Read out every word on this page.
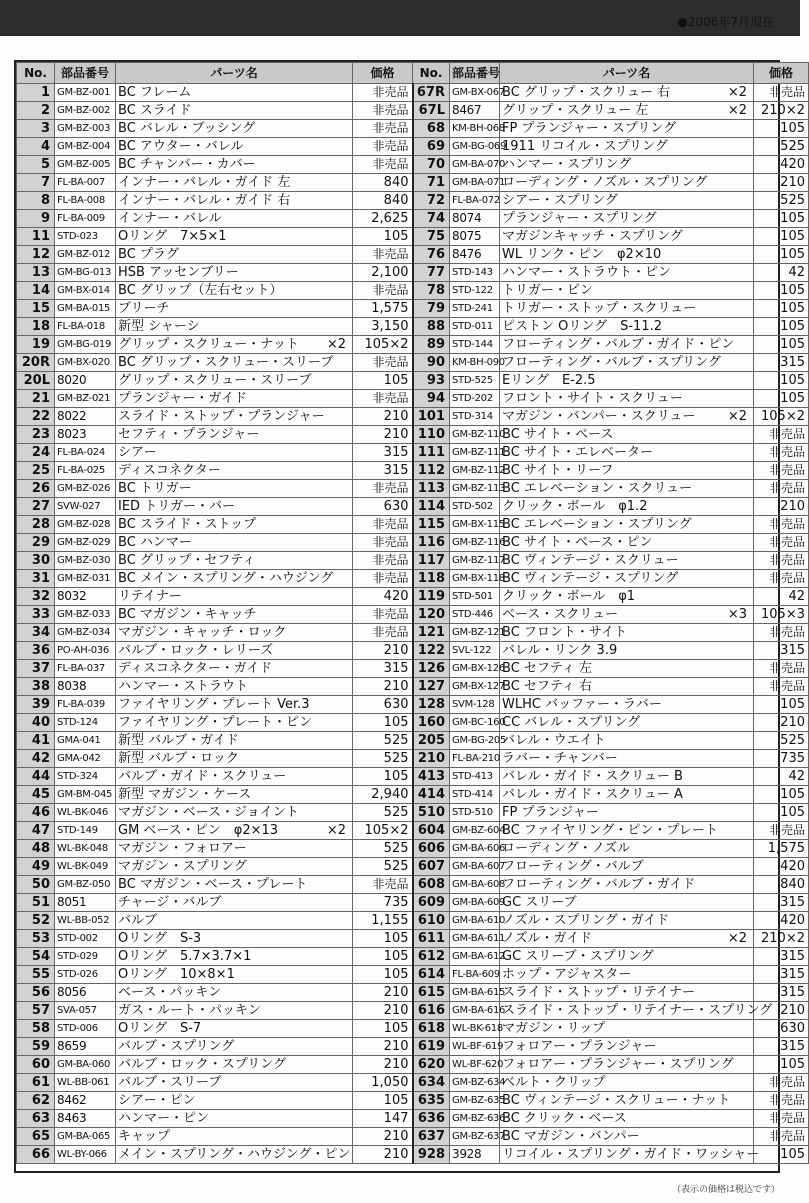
●2006年7月現在
No.	部品番号	パーツ名	価格	No.	部品番号	パーツ名	価格
1	GM-BZ-001	BC フレーム	非売品	67R	GM-BX-067	BC グリップ・スクリュー 右 ×2	非売品
2	GM-BZ-002	BC スライド	非売品	67L	8467	グリップ・スクリュー 左 ×2	210×2
3	GM-BZ-003	BC バレル・ブッシング	非売品	68	KM-BH-068	FP プランジャー・スプリング	105
4	GM-BZ-004	BC アウター・バレル	非売品	69	GM-BG-069	1911 リコイル・スプリング	525
5	GM-BZ-005	BC チャンバー・カバー	非売品	70	GM-BA-070	ハンマー・スプリング	420
7	FL-BA-007	インナー・バレル・ガイド 左	840	71	GM-BA-071	ローディング・ノズル・スプリング	210
8	FL-BA-008	インナー・バレル・ガイド 右	840	72	FL-BA-072	シアー・スプリング	525
9	FL-BA-009	インナー・バレル	2,625	74	8074	プランジャー・スプリング	105
11	STD-023	Oリング　7×5×1	105	75	8075	マガジンキャッチ・スプリング	105
12	GM-BZ-012	BC プラグ	非売品	76	8476	WL リンク・ピン　φ2×10	105
13	GM-BG-013	HSB アッセンブリー	2,100	77	STD-143	ハンマー・ストラウト・ピン	42
14	GM-BX-014	BC グリップ（左右セット）	非売品	78	STD-122	トリガー・ピン	105
15	GM-BA-015	ブリーチ	1,575	79	STD-241	トリガー・ストップ・スクリュー	105
18	FL-BA-018	新型 シャーシ	3,150	88	STD-011	ピストン Oリング　S-11.2	105
19	GM-BG-019	グリップ・スクリュー・ナット ×2	105×2	89	STD-144	フローティング・バルブ・ガイド・ピン	105
20R	GM-BX-020	BC グリップ・スクリュー・スリーブ	非売品	90	KM-BH-090	フローティング・バルブ・スプリング	315
20L	8020	グリップ・スクリュー・スリーブ	105	93	STD-525	Eリング　E-2.5	105
21	GM-BZ-021	プランジャー・ガイド	非売品	94	STD-202	フロント・サイト・スクリュー	105
22	8022	スライド・ストップ・プランジャー	210	101	STD-314	マガジン・バンパー・スクリュー ×2	105×2
23	8023	セフティ・プランジャー	210	110	GM-BZ-110	BC サイト・ベース	非売品
24	FL-BA-024	シアー	315	111	GM-BZ-111	BC サイト・エレベーター	非売品
25	FL-BA-025	ディスコネクター	315	112	GM-BZ-112	BC サイト・リーフ	非売品
26	GM-BZ-026	BC トリガー	非売品	113	GM-BZ-113	BC エレベーション・スクリュー	非売品
27	SVW-027	IED トリガー・バー	630	114	STD-502	クリック・ボール　φ1.2	210
28	GM-BZ-028	BC スライド・ストップ	非売品	115	GM-BX-115	BC エレベーション・スプリング	非売品
29	GM-BZ-029	BC ハンマー	非売品	116	GM-BZ-116	BC サイト・ベース・ピン	非売品
30	GM-BZ-030	BC グリップ・セフティ	非売品	117	GM-BZ-117	BC ヴィンテージ・スクリュー	非売品
31	GM-BZ-031	BC メイン・スプリング・ハウジング	非売品	118	GM-BX-118	BC ヴィンテージ・スプリング	非売品
32	8032	リテイナー	420	119	STD-501	クリック・ボール　φ1	42
33	GM-BZ-033	BC マガジン・キャッチ	非売品	120	STD-446	ベース・スクリュー ×3	105×3
34	GM-BZ-034	マガジン・キャッチ・ロック	非売品	121	GM-BZ-121	BC フロント・サイト	非売品
36	PO-AH-036	バルブ・ロック・レリーズ	210	122	SVL-122	バレル・リンク 3.9	315
37	FL-BA-037	ディスコネクター・ガイド	315	126	GM-BX-126	BC セフティ 左	非売品
38	8038	ハンマー・ストラウト	210	127	GM-BX-127	BC セフティ 右	非売品
39	FL-BA-039	ファイヤリング・プレート Ver.3	630	128	SVM-128	WLHC バッファー・ラバー	105
40	STD-124	ファイヤリング・プレート・ピン	105	160	GM-BC-160	CC バレル・スプリング	210
41	GMA-041	新型 バルブ・ガイド	525	205	GM-BG-205	バレル・ウエイト	525
42	GMA-042	新型 バルブ・ロック	525	210	FL-BA-210	ラバー・チャンバー	735
44	STD-324	バルブ・ガイド・スクリュー	105	413	STD-413	バレル・ガイド・スクリュー B	42
45	GM-BM-045	新型 マガジン・ケース	2,940	414	STD-414	バレル・ガイド・スクリュー A	105
46	WL-BK-046	マガジン・ベース・ジョイント	525	510	STD-510	FP プランジャー	105
47	STD-149	GM ベース・ピン　φ2×13 ×2	105×2	604	GM-BZ-604	BC ファイヤリング・ピン・プレート	非売品
48	WL-BK-048	マガジン・フォロアー	525	606	GM-BA-606	ローディング・ノズル	1,575
49	WL-BK-049	マガジン・スプリング	525	607	GM-BA-607	フローティング・バルブ	420
50	GM-BZ-050	BC マガジン・ベース・プレート	非売品	608	GM-BA-608	フローティング・バルブ・ガイド	840
51	8051	チャージ・バルブ	735	609	GM-BA-609	GC スリーブ	315
52	WL-BB-052	バルブ	1,155	610	GM-BA-610	ノズル・スプリング・ガイド	420
53	STD-002	Oリング　S-3	105	611	GM-BA-611	ノズル・ガイド ×2	210×2
54	STD-029	Oリング　5.7×3.7×1	105	612	GM-BA-612	GC スリーブ・スプリング	315
55	STD-026	Oリング　10×8×1	105	614	FL-BA-609	ホップ・アジャスター	315
56	8056	ベース・パッキン	210	615	GM-BA-615	スライド・ストップ・リテイナー	315
57	SVA-057	ガス・ルート・パッキン	210	616	GM-BA-616	スライド・ストップ・リテイナー・スプリング	210
58	STD-006	Oリング　S-7	105	618	WL-BK-618	マガジン・リップ	630
59	8659	バルブ・スプリング	210	619	WL-BF-619	フォロアー・プランジャー	315
60	GM-BA-060	バルブ・ロック・スプリング	210	620	WL-BF-620	フォロアー・プランジャー・スプリング	105
61	WL-BB-061	バルブ・スリーブ	1,050	634	GM-BZ-634	ベルト・クリップ	非売品
62	8462	シアー・ピン	105	635	GM-BZ-635	BC ヴィンテージ・スクリュー・ナット	非売品
63	8463	ハンマー・ピン	147	636	GM-BZ-636	BC クリック・ベース	非売品
65	GM-BA-065	キャップ	210	637	GM-BZ-637	BC マガジン・バンパー	非売品
66	WL-BY-066	メイン・スプリング・ハウジング・ピン	210	928	3928	リコイル・スプリング・ガイド・ワッシャー	105
（表示の価格は税込です）
